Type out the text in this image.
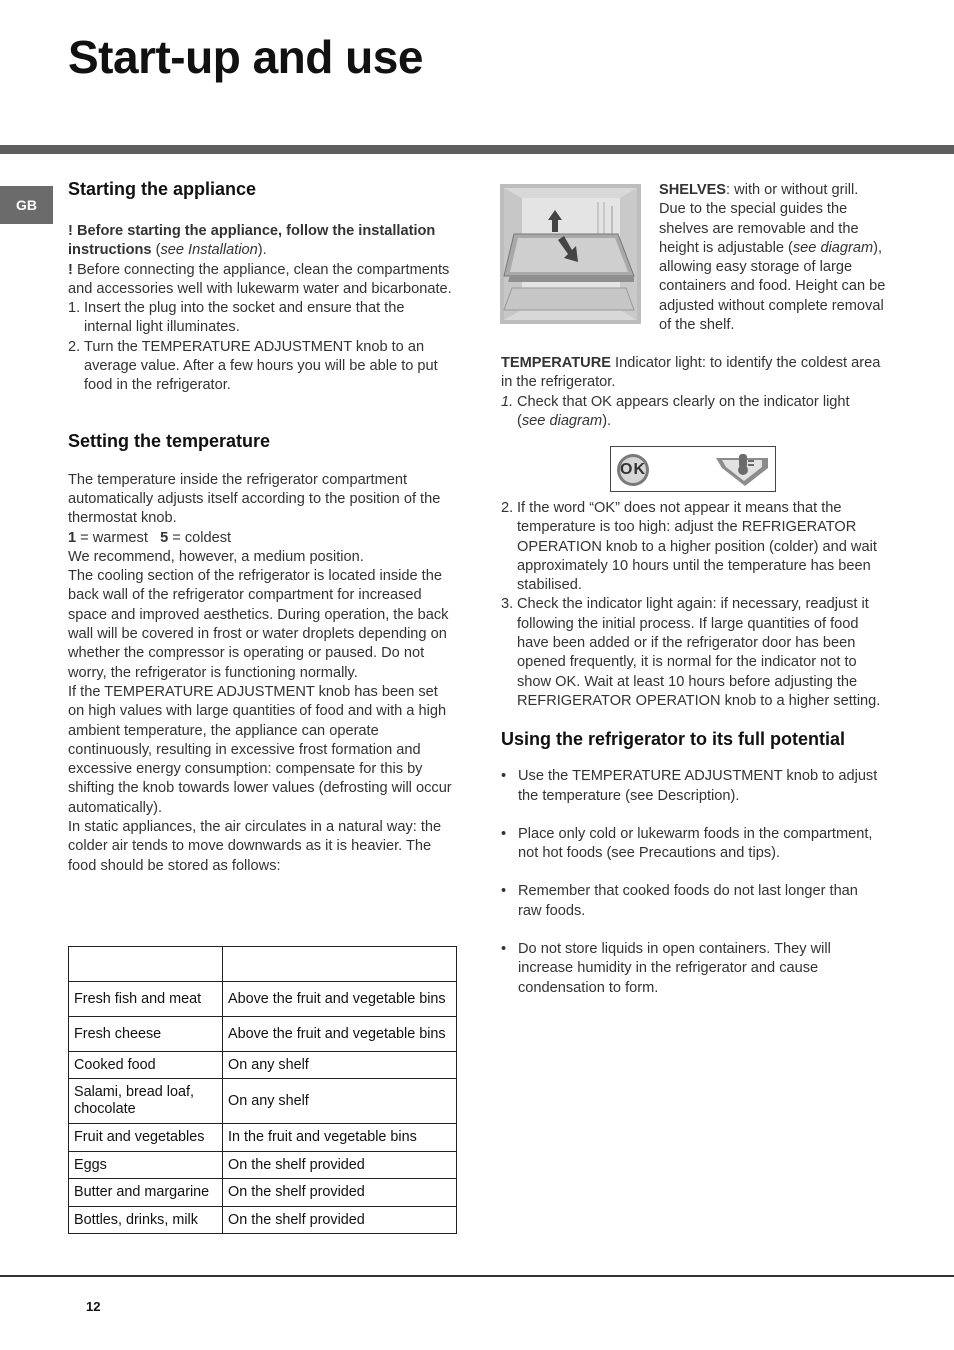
Start-up and use
GB
Starting the appliance

! Before starting the appliance, follow the installation instructions (see Installation).

! Before connecting the appliance, clean the compartments and accessories well with lukewarm water and bicarbonate.

1. Insert the plug into the socket and ensure that the internal light illuminates.
2. Turn the TEMPERATURE ADJUSTMENT knob to an average value. After a few hours you will be able to put food in the refrigerator.
Setting the temperature

The temperature inside the refrigerator compartment automatically adjusts itself according to the position of the thermostat knob.

1 = warmest 5 = coldest

We recommend, however, a medium position.

The cooling section of the refrigerator is located inside the back wall of the refrigerator compartment for increased space and improved aesthetics. During operation, the back wall will be covered in frost or water droplets depending on whether the compressor is operating or paused. Do not worry, the refrigerator is functioning normally.

If the TEMPERATURE ADJUSTMENT knob has been set on high values with large quantities of food and with a high ambient temperature, the appliance can operate continuously, resulting in excessive frost formation and excessive energy consumption: compensate for this by shifting the knob towards lower values (defrosting will occur automatically).

In static appliances, the air circulates in a natural way: the colder air tends to move downwards as it is heavier. The food should be stored as follows:

Fresh fish and meat	Above the fruit and vegetable bins
Fresh cheese	Above the fruit and vegetable bins
Cooked food	On any shelf
Salami, bread loaf, chocolate	On any shelf
Fruit and vegetables	In the fruit and vegetable bins
Eggs	On the shelf provided
Butter and margarine	On the shelf provided
Bottles, drinks, milk	On the shelf provided

SHELVES: with or without grill. Due to the special guides the shelves are removable and the height is adjustable (see diagram), allowing easy storage of large containers and food. Height can be adjusted without complete removal of the shelf.

TEMPERATURE Indicator light: to identify the coldest area in the refrigerator.

1. Check that OK appears clearly on the indicator light (see diagram).
OK
2. If the word “OK” does not appear it means that the temperature is too high: adjust the REFRIGERATOR OPERATION knob to a higher position (colder) and wait approximately 10 hours until the temperature has been stabilised.
3. Check the indicator light again: if necessary, readjust it following the initial process. If large quantities of food have been added or if the refrigerator door has been opened frequently, it is normal for the indicator not to show OK. Wait at least 10 hours before adjusting the REFRIGERATOR OPERATION knob to a higher setting.
Using the refrigerator to its full potential
• Use the TEMPERATURE ADJUSTMENT knob to adjust the temperature (see Description).
• Place only cold or lukewarm foods in the compartment, not hot foods (see Precautions and tips).
• Remember that cooked foods do not last longer than raw foods.
• Do not store liquids in open containers. They will increase humidity in the refrigerator and cause condensation to form.
12
